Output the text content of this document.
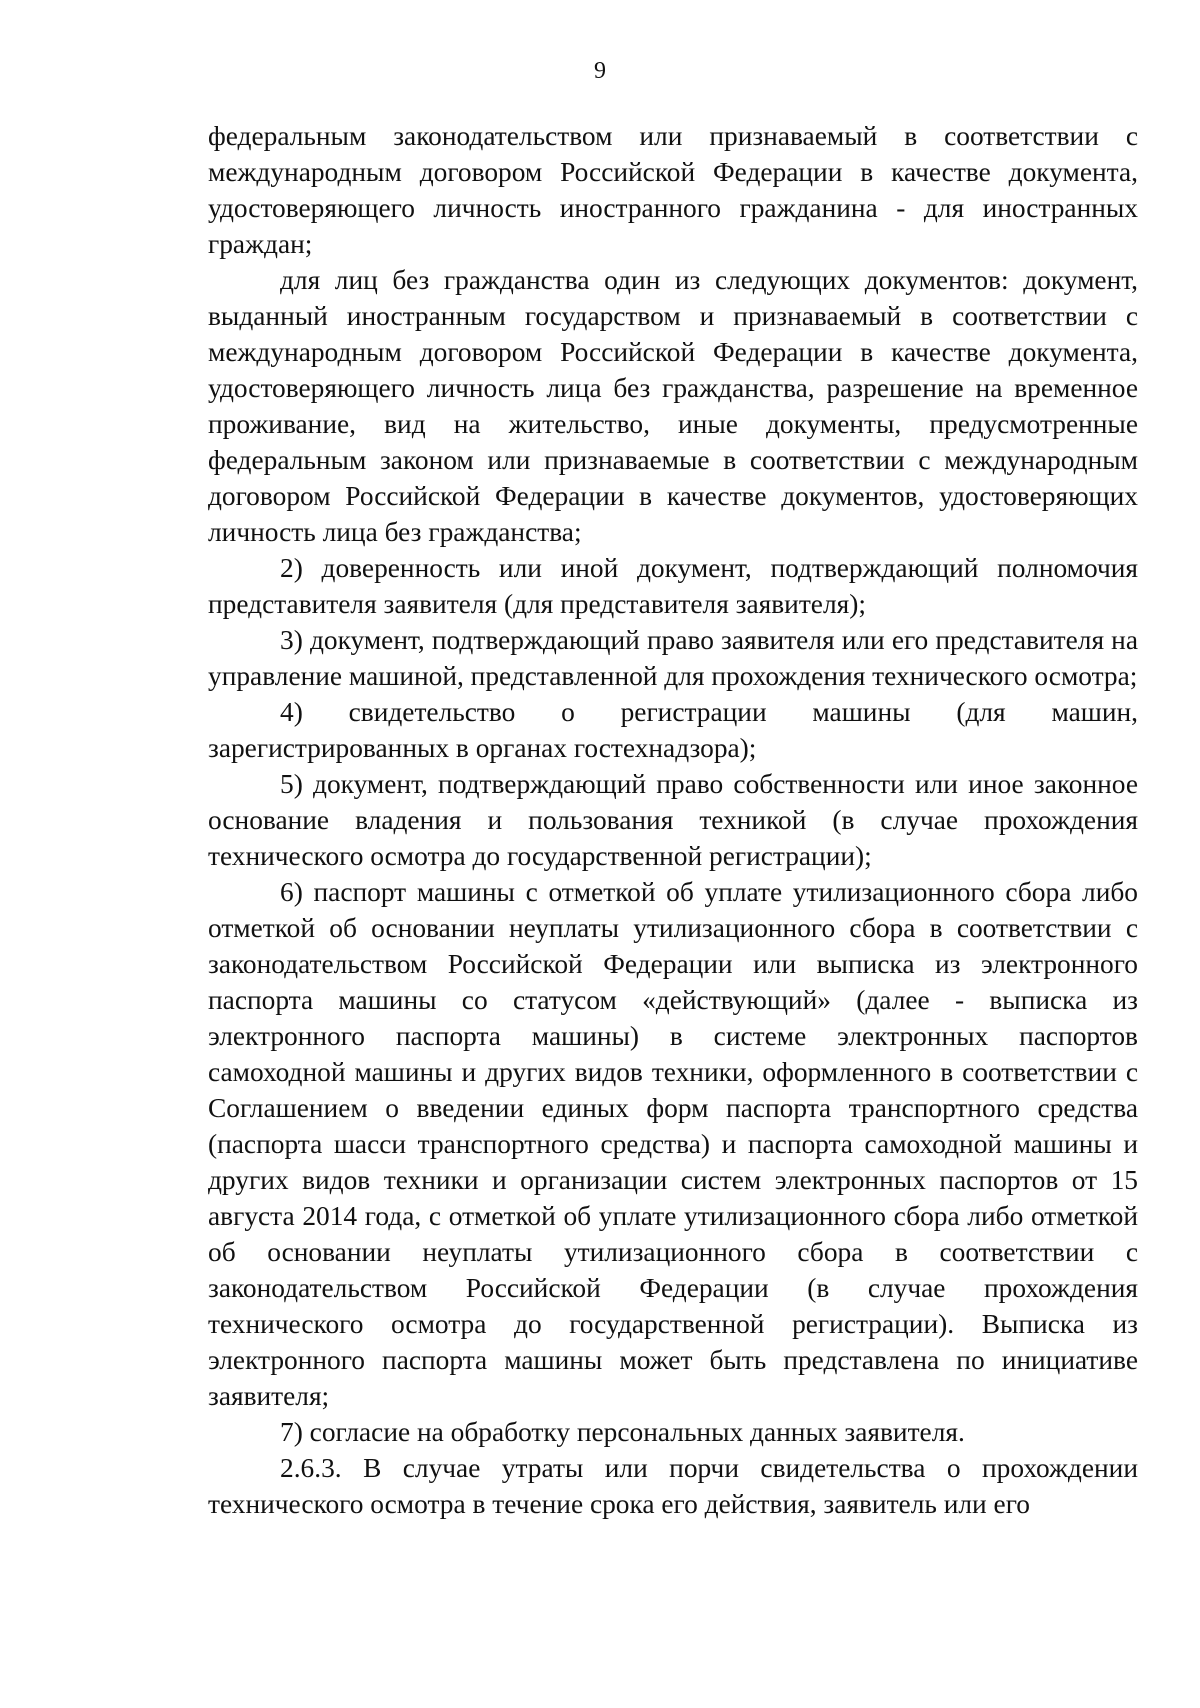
9

федеральным законодательством или признаваемый в соответствии с международным договором Российской Федерации в качестве документа, удостоверяющего личность иностранного гражданина - для иностранных граждан;

для лиц без гражданства один из следующих документов: документ, выданный иностранным государством и признаваемый в соответствии с международным договором Российской Федерации в качестве документа, удостоверяющего личность лица без гражданства, разрешение на временное проживание, вид на жительство, иные документы, предусмотренные федеральным законом или признаваемые в соответствии с международным договором Российской Федерации в качестве документов, удостоверяющих личность лица без гражданства;

2) доверенность или иной документ, подтверждающий полномочия представителя заявителя (для представителя заявителя);

3) документ, подтверждающий право заявителя или его представителя на управление машиной, представленной для прохождения технического осмотра;

4) свидетельство о регистрации машины (для машин, зарегистрированных в органах гостехнадзора);

5) документ, подтверждающий право собственности или иное законное основание владения и пользования техникой (в случае прохождения технического осмотра до государственной регистрации);

6) паспорт машины с отметкой об уплате утилизационного сбора либо отметкой об основании неуплаты утилизационного сбора в соответствии с законодательством Российской Федерации или выписка из электронного паспорта машины со статусом «действующий» (далее - выписка из электронного паспорта машины) в системе электронных паспортов самоходной машины и других видов техники, оформленного в соответствии с Соглашением о введении единых форм паспорта транспортного средства (паспорта шасси транспортного средства) и паспорта самоходной машины и других видов техники и организации систем электронных паспортов от 15 августа 2014 года, с отметкой об уплате утилизационного сбора либо отметкой об основании неуплаты утилизационного сбора в соответствии с законодательством Российской Федерации (в случае прохождения технического осмотра до государственной регистрации). Выписка из электронного паспорта машины может быть представлена по инициативе заявителя;

7) согласие на обработку персональных данных заявителя.

2.6.3. В случае утраты или порчи свидетельства о прохождении технического осмотра в течение срока его действия, заявитель или его
